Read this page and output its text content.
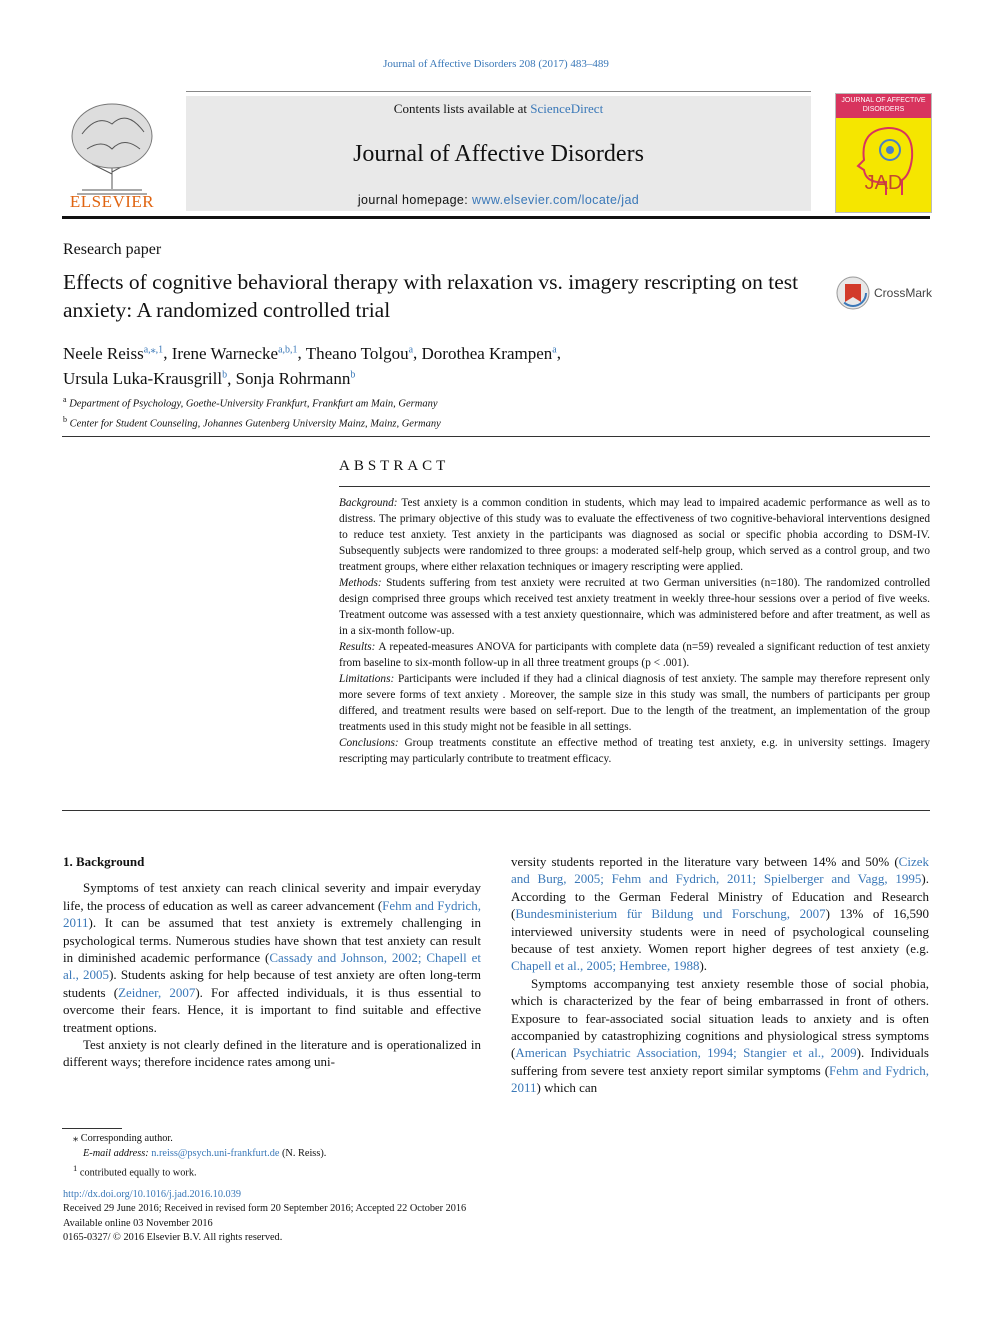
Journal of Affective Disorders 208 (2017) 483–489
ELSEVIER
Contents lists available at ScienceDirect
Journal of Affective Disorders
journal homepage: www.elsevier.com/locate/jad
JOURNAL OF AFFECTIVE DISORDERS
JAD
Research paper
Effects of cognitive behavioral therapy with relaxation vs. imagery rescripting on test anxiety: A randomized controlled trial
CrossMark
Neele Reiss$^{a,⁎,1}$, Irene Warnecke$^{a,b,1}$, Theano Tolgou$^a$, Dorothea Krampen$^a$,
Ursula Luka-Krausgrill$^b$, Sonja Rohrmann$^b$
$^a$ Department of Psychology, Goethe-University Frankfurt, Frankfurt am Main, Germany
$^b$ Center for Student Counseling, Johannes Gutenberg University Mainz, Mainz, Germany
ABSTRACT

Background: Test anxiety is a common condition in students, which may lead to impaired academic performance as well as to distress. The primary objective of this study was to evaluate the effectiveness of two cognitive-behavioral interventions designed to reduce test anxiety. Test anxiety in the participants was diagnosed as social or specific phobia according to DSM-IV. Subsequently subjects were randomized to three groups: a moderated self-help group, which served as a control group, and two treatment groups, where either relaxation techniques or imagery rescripting were applied.

Methods: Students suffering from test anxiety were recruited at two German universities (n=180). The randomized controlled design comprised three groups which received test anxiety treatment in weekly three-hour sessions over a period of five weeks. Treatment outcome was assessed with a test anxiety questionnaire, which was administered before and after treatment, as well as in a six-month follow-up.

Results: A repeated-measures ANOVA for participants with complete data (n=59) revealed a significant reduction of test anxiety from baseline to six-month follow-up in all three treatment groups (p < .001).

Limitations: Participants were included if they had a clinical diagnosis of test anxiety. The sample may therefore represent only more severe forms of text anxiety . Moreover, the sample size in this study was small, the numbers of participants per group differed, and treatment results were based on self-report. Due to the length of the treatment, an implementation of the group treatments used in this study might not be feasible in all settings.

Conclusions: Group treatments constitute an effective method of treating test anxiety, e.g. in university settings. Imagery rescripting may particularly contribute to treatment efficacy.

1. Background

Symptoms of test anxiety can reach clinical severity and impair everyday life, the process of education as well as career advancement (Fehm and Fydrich, 2011). It can be assumed that test anxiety is extremely challenging in psychological terms. Numerous studies have shown that test anxiety can result in diminished academic performance (Cassady and Johnson, 2002; Chapell et al., 2005). Students asking for help because of test anxiety are often long-term students (Zeidner, 2007). For affected individuals, it is thus essential to overcome their fears. Hence, it is important to find suitable and effective treatment options.

Test anxiety is not clearly defined in the literature and is operationalized in different ways; therefore incidence rates among uni-

versity students reported in the literature vary between 14% and 50% (Cizek and Burg, 2005; Fehm and Fydrich, 2011; Spielberger and Vagg, 1995). According to the German Federal Ministry of Education and Research (Bundesministerium für Bildung und Forschung, 2007) 13% of 16,590 interviewed university students were in need of psychological counseling because of test anxiety. Women report higher degrees of test anxiety (e.g. Chapell et al., 2005; Hembree, 1988).

Symptoms accompanying test anxiety resemble those of social phobia, which is characterized by the fear of being embarrassed in front of others. Exposure to fear-associated social situation leads to anxiety and is often accompanied by catastrophizing cognitions and physiological stress symptoms (American Psychiatric Association, 1994; Stangier et al., 2009). Individuals suffering from severe test anxiety report similar symptoms (Fehm and Fydrich, 2011) which can

⁎ Corresponding author.
E-mail address: n.reiss@psych.uni-frankfurt.de (N. Reiss).
$^1$ contributed equally to work.
http://dx.doi.org/10.1016/j.jad.2016.10.039
Received 29 June 2016; Received in revised form 20 September 2016; Accepted 22 October 2016
Available online 03 November 2016
0165-0327/ © 2016 Elsevier B.V. All rights reserved.
